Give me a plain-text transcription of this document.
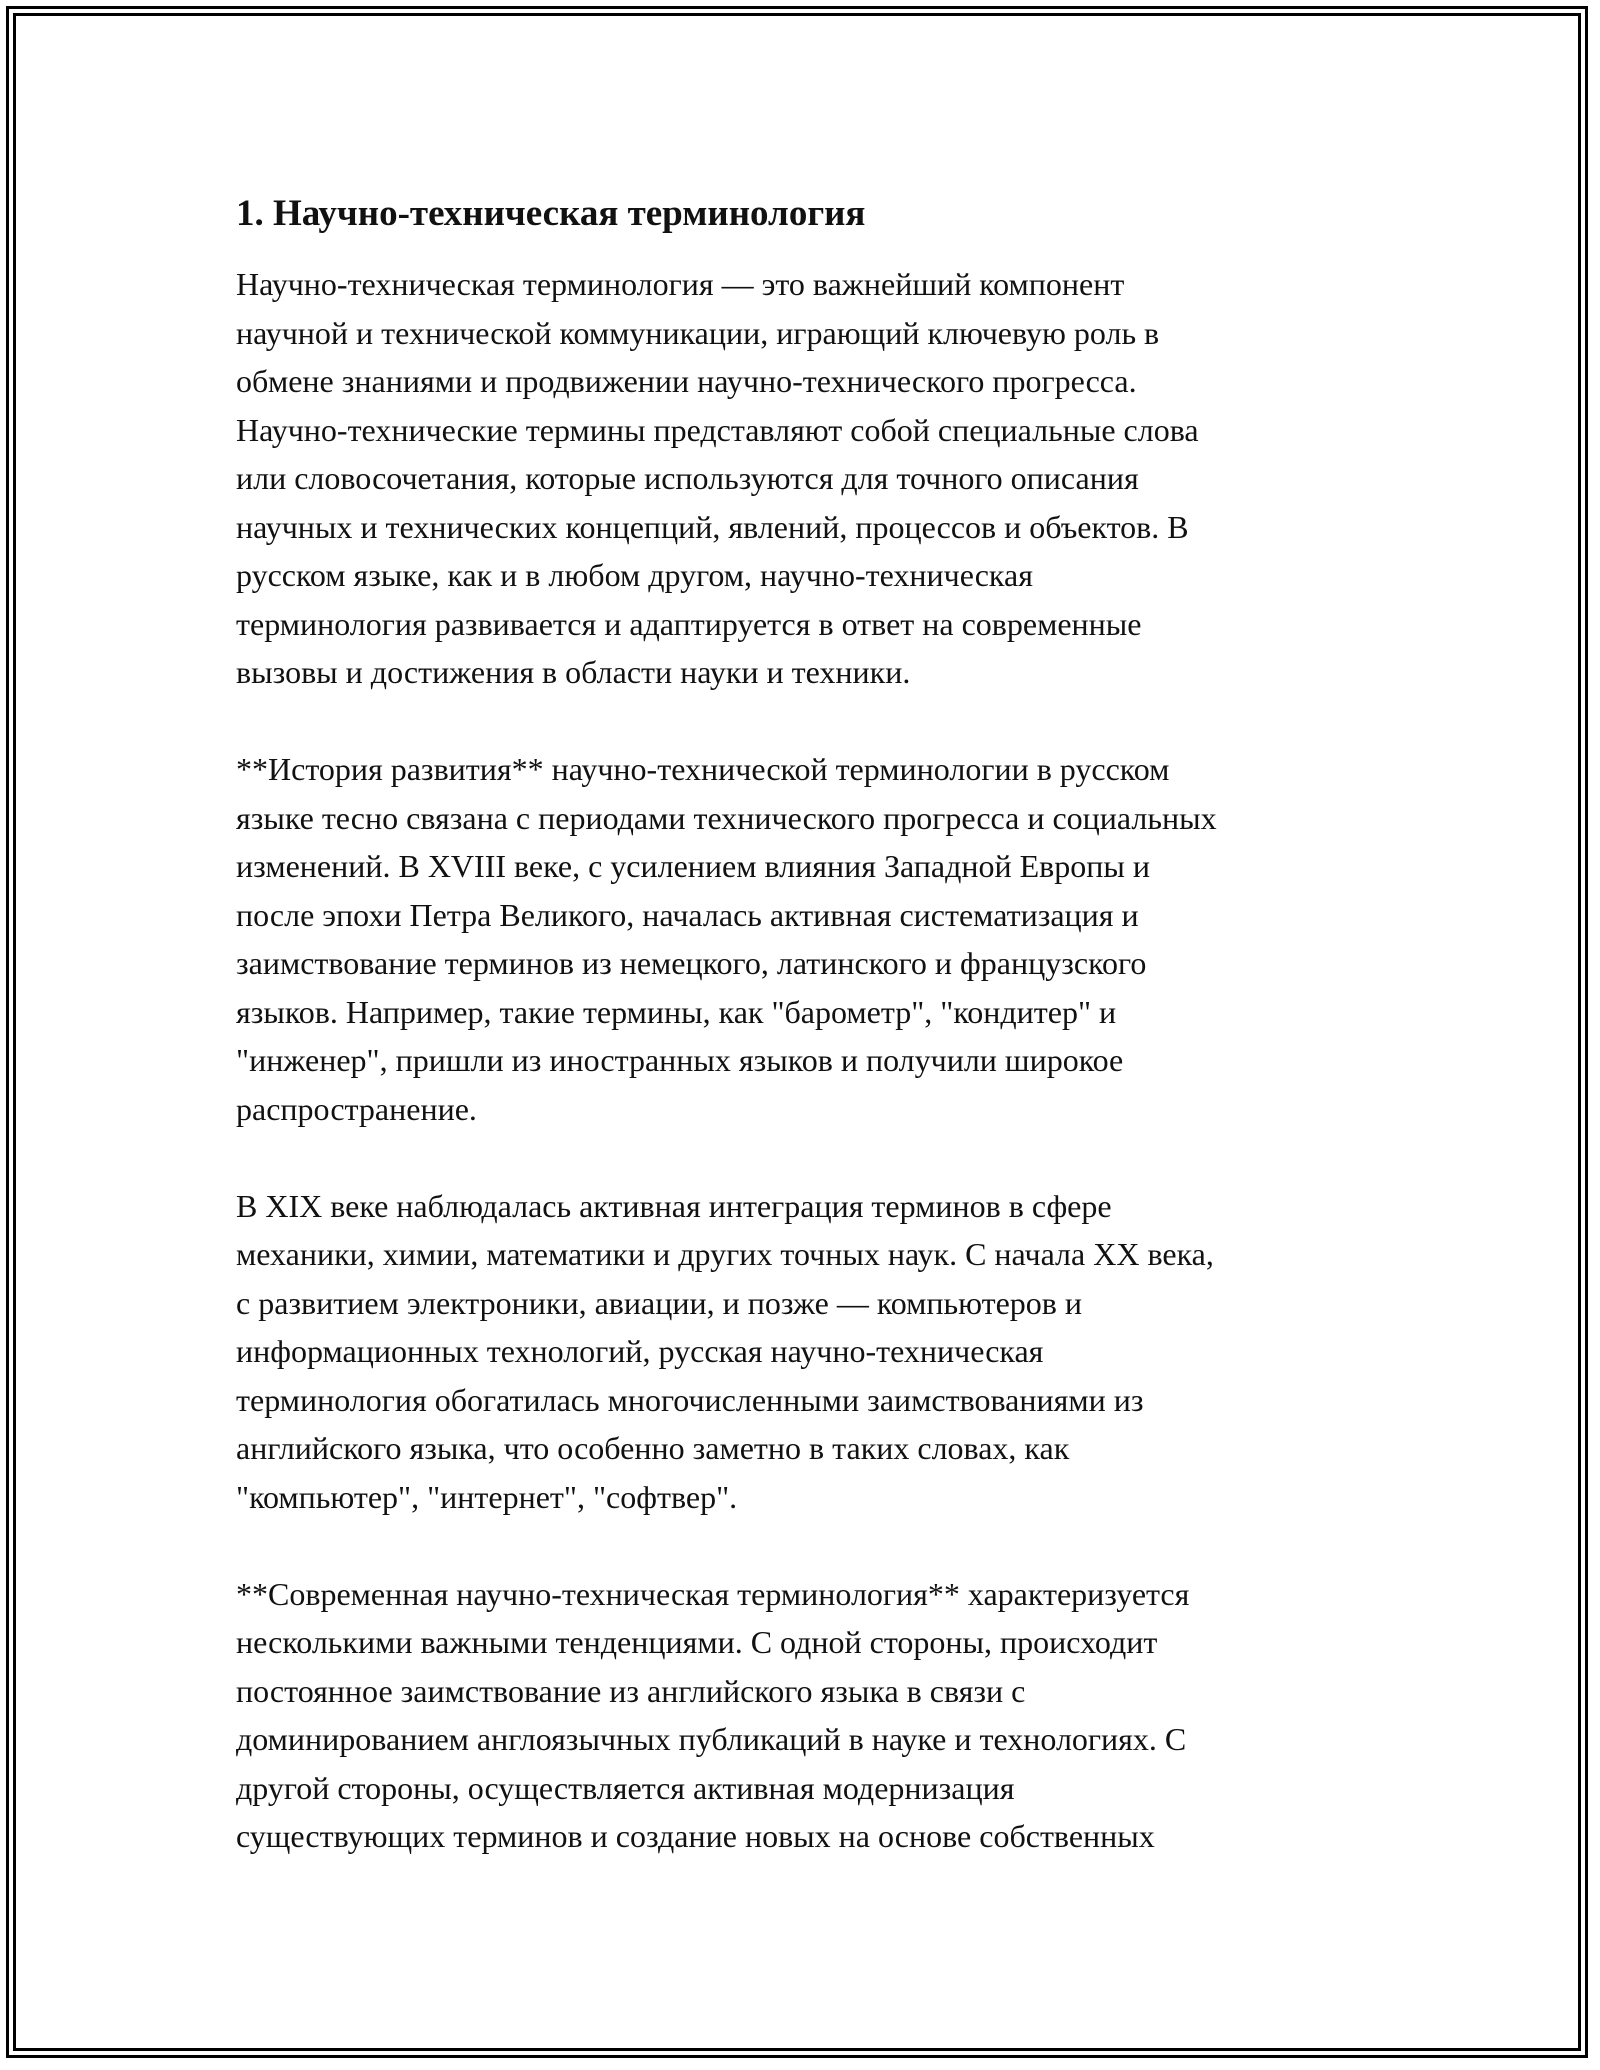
1. Научно-техническая терминология

Научно-техническая терминология — это важнейший компонент
научной и технической коммуникации, играющий ключевую роль в
обмене знаниями и продвижении научно-технического прогресса.
Научно-технические термины представляют собой специальные слова
или словосочетания, которые используются для точного описания
научных и технических концепций, явлений, процессов и объектов. В
русском языке, как и в любом другом, научно-техническая
терминология развивается и адаптируется в ответ на современные
вызовы и достижения в области науки и техники.

**История развития** научно-технической терминологии в русском
языке тесно связана с периодами технического прогресса и социальных
изменений. В XVIII веке, с усилением влияния Западной Европы и
после эпохи Петра Великого, началась активная систематизация и
заимствование терминов из немецкого, латинского и французского
языков. Например, такие термины, как "барометр", "кондитер" и
"инженер", пришли из иностранных языков и получили широкое
распространение.

В XIX веке наблюдалась активная интеграция терминов в сфере
механики, химии, математики и других точных наук. С начала XX века,
с развитием электроники, авиации, и позже — компьютеров и
информационных технологий, русская научно-техническая
терминология обогатилась многочисленными заимствованиями из
английского языка, что особенно заметно в таких словах, как
"компьютер", "интернет", "софтвер".

**Современная научно-техническая терминология** характеризуется
несколькими важными тенденциями. С одной стороны, происходит
постоянное заимствование из английского языка в связи с
доминированием англоязычных публикаций в науке и технологиях. С
другой стороны, осуществляется активная модернизация
существующих терминов и создание новых на основе собственных
